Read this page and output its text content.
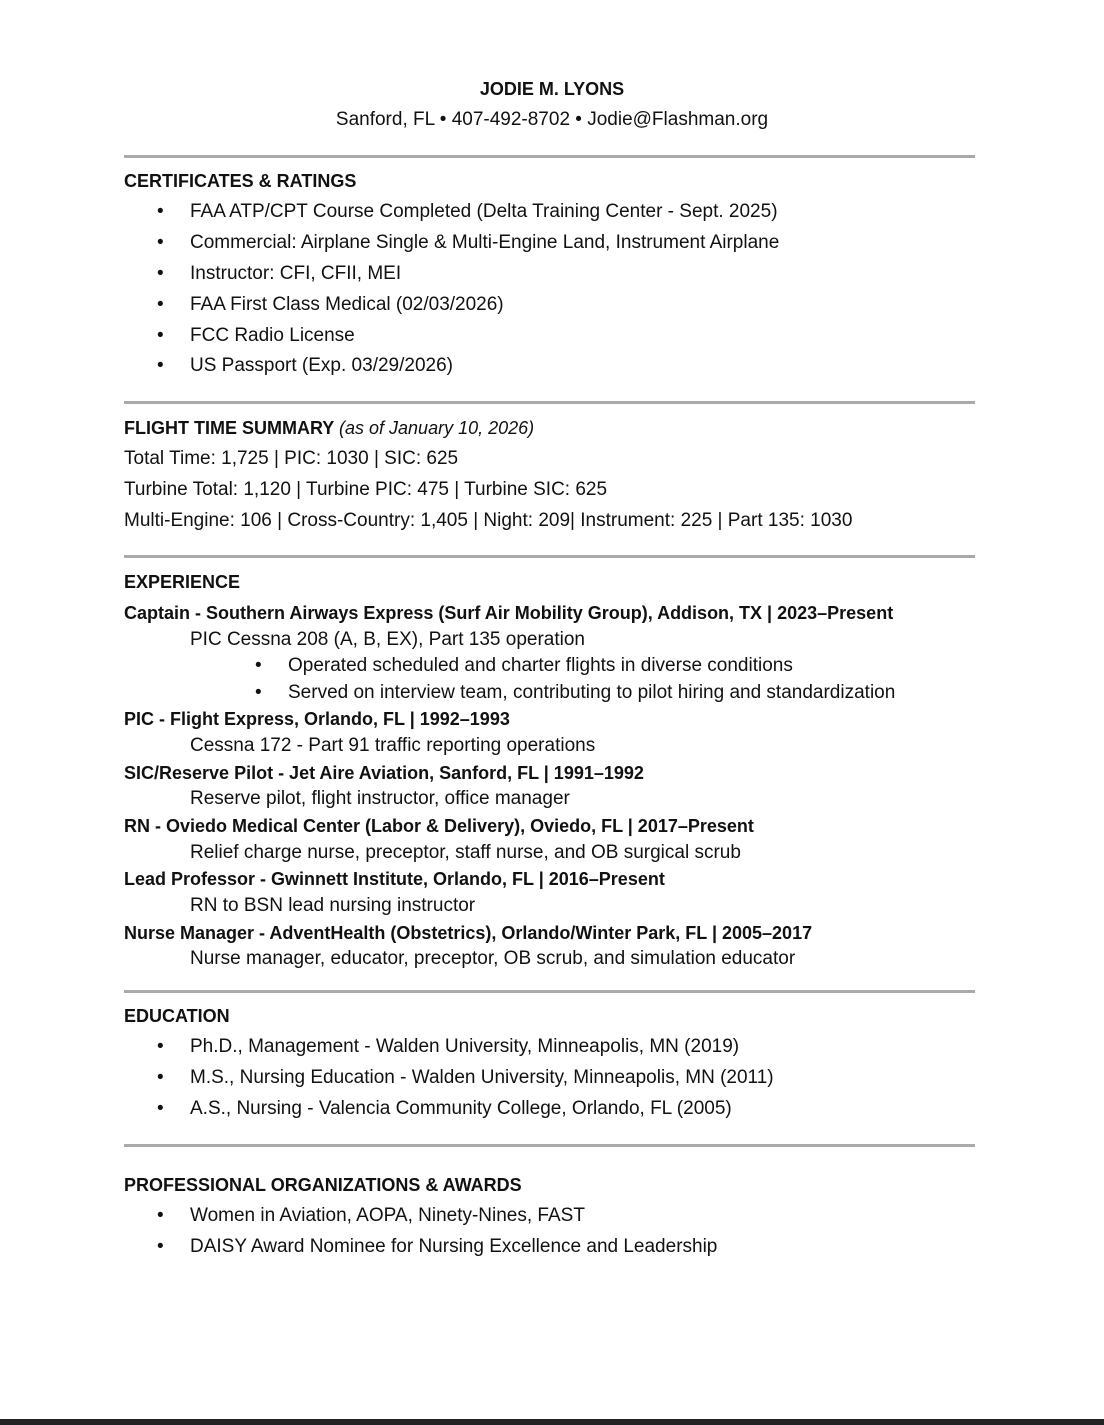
JODIE M. LYONS
Sanford, FL • 407-492-8702 • Jodie@Flashman.org
CERTIFICATES & RATINGS
• FAA ATP/CPT Course Completed (Delta Training Center - Sept. 2025)
• Commercial: Airplane Single & Multi-Engine Land, Instrument Airplane
• Instructor: CFI, CFII, MEI
• FAA First Class Medical (02/03/2026)
• FCC Radio License
• US Passport (Exp. 03/29/2026)
FLIGHT TIME SUMMARY (as of January 10, 2026)
Total Time: 1,725 | PIC: 1030 | SIC: 625
Turbine Total: 1,120 | Turbine PIC: 475 | Turbine SIC: 625
Multi-Engine: 106 | Cross-Country: 1,405 | Night: 209| Instrument: 225 | Part 135: 1030
EXPERIENCE
Captain - Southern Airways Express (Surf Air Mobility Group), Addison, TX | 2023–Present
PIC Cessna 208 (A, B, EX), Part 135 operation
• Operated scheduled and charter flights in diverse conditions
• Served on interview team, contributing to pilot hiring and standardization
PIC - Flight Express, Orlando, FL | 1992–1993
Cessna 172 - Part 91 traffic reporting operations
SIC/Reserve Pilot - Jet Aire Aviation, Sanford, FL | 1991–1992
Reserve pilot, flight instructor, office manager
RN - Oviedo Medical Center (Labor & Delivery), Oviedo, FL | 2017–Present
Relief charge nurse, preceptor, staff nurse, and OB surgical scrub
Lead Professor - Gwinnett Institute, Orlando, FL | 2016–Present
RN to BSN lead nursing instructor
Nurse Manager - AdventHealth (Obstetrics), Orlando/Winter Park, FL | 2005–2017
Nurse manager, educator, preceptor, OB scrub, and simulation educator
EDUCATION
• Ph.D., Management - Walden University, Minneapolis, MN (2019)
• M.S., Nursing Education - Walden University, Minneapolis, MN (2011)
• A.S., Nursing - Valencia Community College, Orlando, FL (2005)
PROFESSIONAL ORGANIZATIONS & AWARDS
• Women in Aviation, AOPA, Ninety-Nines, FAST
• DAISY Award Nominee for Nursing Excellence and Leadership
